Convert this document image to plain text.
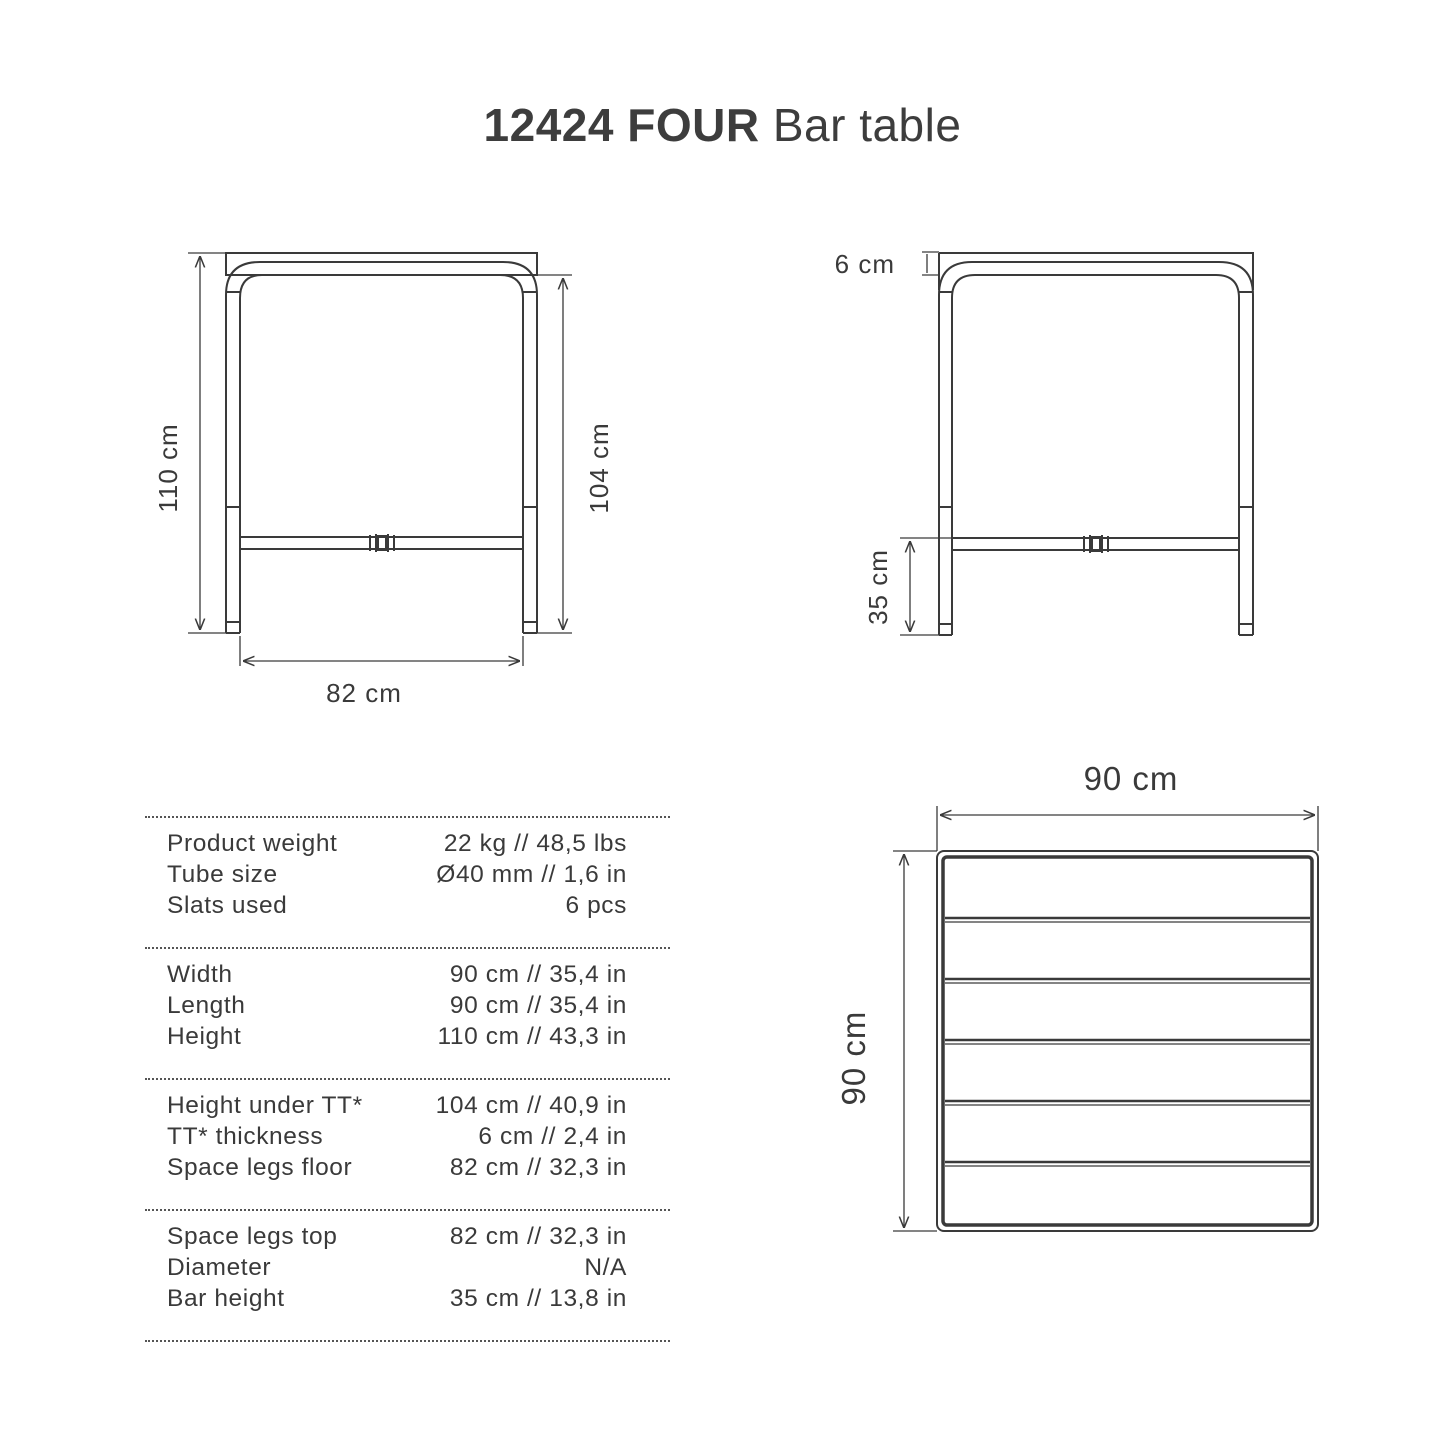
12424 FOUR Bar table
110 cm	104 cm
82 cm
6 cm
35 cm
90 cm
90 cm
Product weight	22 kg // 48,5 lbs
Tube size	Ø40 mm // 1,6 in
Slats used	6 pcs
Width	90 cm // 35,4 in
Length	90 cm // 35,4 in
Height	110 cm // 43,3 in
Height under TT*	104 cm // 40,9 in
TT* thickness	6 cm // 2,4 in
Space legs floor	82 cm // 32,3 in
Space legs top	82 cm // 32,3 in
Diameter	N/A
Bar height	35 cm // 13,8 in
